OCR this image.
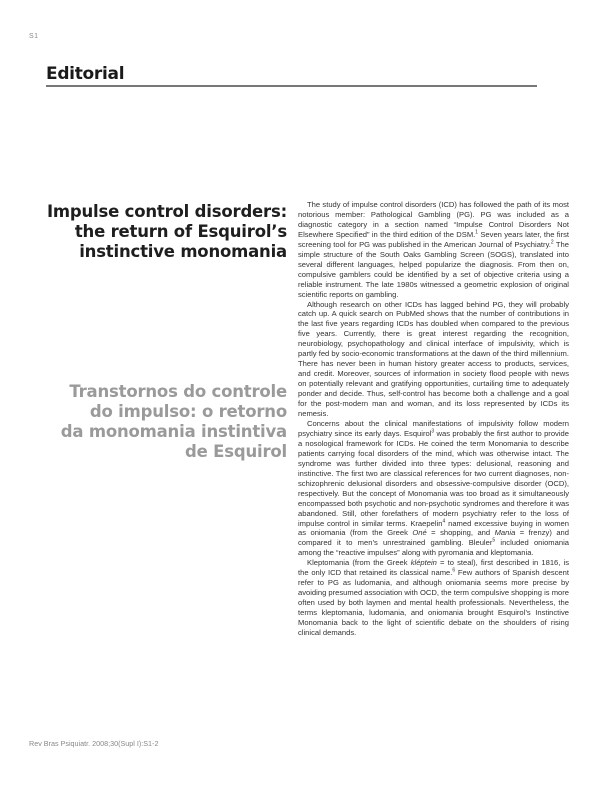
S1
Editorial
Impulse control disorders:
the return of Esquirol’s
instinctive monomania
Transtornos do controle
do impulso: o retorno
da monomania instintiva
de Esquirol

The study of impulse control disorders (ICD) has followed the path of its most notorious member: Pathological Gambling (PG). PG was included as a diagnostic category in a section named “Impulse Control Disorders Not Elsewhere Specified” in the third edition of the DSM.$^1$ Seven years later, the first screening tool for PG was published in the American Journal of Psychiatry.$^2$ The simple structure of the South Oaks Gambling Screen (SOGS), translated into several different languages, helped popularize the diagnosis. From then on, compulsive gamblers could be identified by a set of objective criteria using a reliable instrument. The late 1980s witnessed a geometric explosion of original scientific reports on gambling.

Although research on other ICDs has lagged behind PG, they will probably catch up. A quick search on PubMed shows that the number of contributions in the last five years regarding ICDs has doubled when compared to the previous five years. Currently, there is great interest regarding the recognition, neurobiology, psychopathology and clinical interface of impulsivity, which is partly fed by socio-economic transformations at the dawn of the third millennium. There has never been in human history greater access to products, services, and credit. Moreover, sources of information in society flood people with news on potentially relevant and gratifying opportunities, curtailing time to adequately ponder and decide. Thus, self-control has become both a challenge and a goal for the post-modern man and woman, and its loss represented by ICDs its nemesis.

Concerns about the clinical manifestations of impulsivity follow modern psychiatry since its early days. Esquirol$^3$ was probably the first author to provide a nosological framework for ICDs. He coined the term Monomania to describe patients carrying focal disorders of the mind, which was otherwise intact. The syndrome was further divided into three types: delusional, reasoning and instinctive. The first two are classical references for two current diagnoses, non-schizophrenic delusional disorders and obsessive-compulsive disorder (OCD), respectively. But the concept of Monomania was too broad as it simultaneously encompassed both psychotic and non-psychotic syndromes and therefore it was abandoned. Still, other forefathers of modern psychiatry refer to the loss of impulse control in similar terms. Kraepelin$^4$ named excessive buying in women as oniomania (from the Greek Oné = shopping, and Mania = frenzy) and compared it to men’s unrestrained gambling. Bleuler$^5$ included oniomania among the “reactive impulses” along with pyromania and kleptomania.

Kleptomania (from the Greek kléptein = to steal), first described in 1816, is the only ICD that retained its classical name.$^6$ Few authors of Spanish descent refer to PG as ludomania, and although oniomania seems more precise by avoiding presumed association with OCD, the term compulsive shopping is more often used by both laymen and mental health professionals. Nevertheless, the terms kleptomania, ludomania, and oniomania brought Esquirol’s Instinctive Monomania back to the light of scientific debate on the shoulders of rising clinical demands.

Rev Bras Psiquiatr. 2008;30(Supl I):S1-2
